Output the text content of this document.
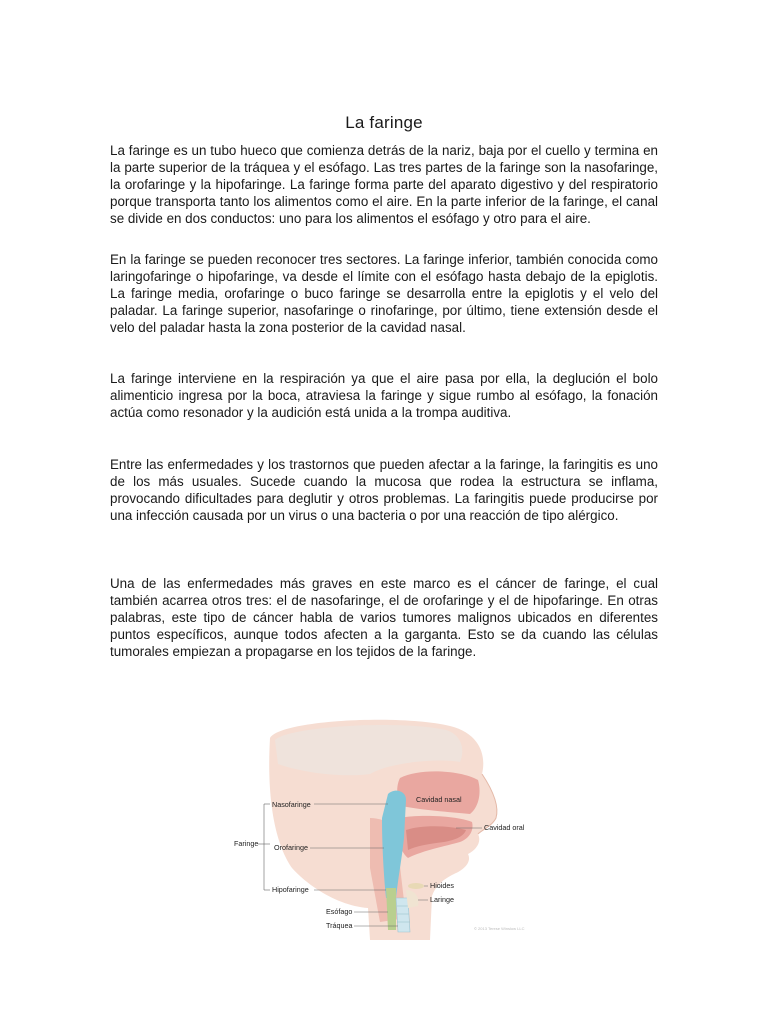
La faringe

La faringe es un tubo hueco que comienza detrás de la nariz, baja por el cuello y termina en la parte superior de la tráquea y el esófago. Las tres partes de la faringe son la nasofaringe, la orofaringe y la hipofaringe. La faringe forma parte del aparato digestivo y del respiratorio porque transporta tanto los alimentos como el aire. En la parte inferior de la faringe, el canal se divide en dos conductos: uno para los alimentos el esófago y otro para el aire.

En la faringe se pueden reconocer tres sectores. La faringe inferior, también conocida como laringofaringe o hipofaringe, va desde el límite con el esófago hasta debajo de la epiglotis. La faringe media, orofaringe o buco faringe se desarrolla entre la epiglotis y el velo del paladar. La faringe superior, nasofaringe o rinofaringe, por último, tiene extensión desde el velo del paladar hasta la zona posterior de la cavidad nasal.

La faringe interviene en la respiración ya que el aire pasa por ella, la deglución el bolo alimenticio ingresa por la boca, atraviesa la faringe y sigue rumbo al esófago, la fonación actúa como resonador y la audición está unida a la trompa auditiva.

Entre las enfermedades y los trastornos que pueden afectar a la faringe, la faringitis es uno de los más usuales. Sucede cuando la mucosa que rodea la estructura se inflama, provocando dificultades para deglutir y otros problemas. La faringitis puede producirse por una infección causada por un virus o una bacteria o por una reacción de tipo alérgico.

Una de las enfermedades más graves en este marco es el cáncer de faringe, el cual también acarrea otros tres: el de nasofaringe, el de orofaringe y el de hipofaringe. En otras palabras, este tipo de cáncer habla de varios tumores malignos ubicados en diferentes puntos específicos, aunque todos afecten a la garganta. Esto se da cuando las células tumorales empiezan a propagarse en los tejidos de la faringe.

Faringe
Nasofaringe
Orofaringe
Hipofaringe
Esófago
Tráquea
Cavidad nasal
Cavidad oral
Hioides
Laringe
© 2013 Terese Winslow LLC
